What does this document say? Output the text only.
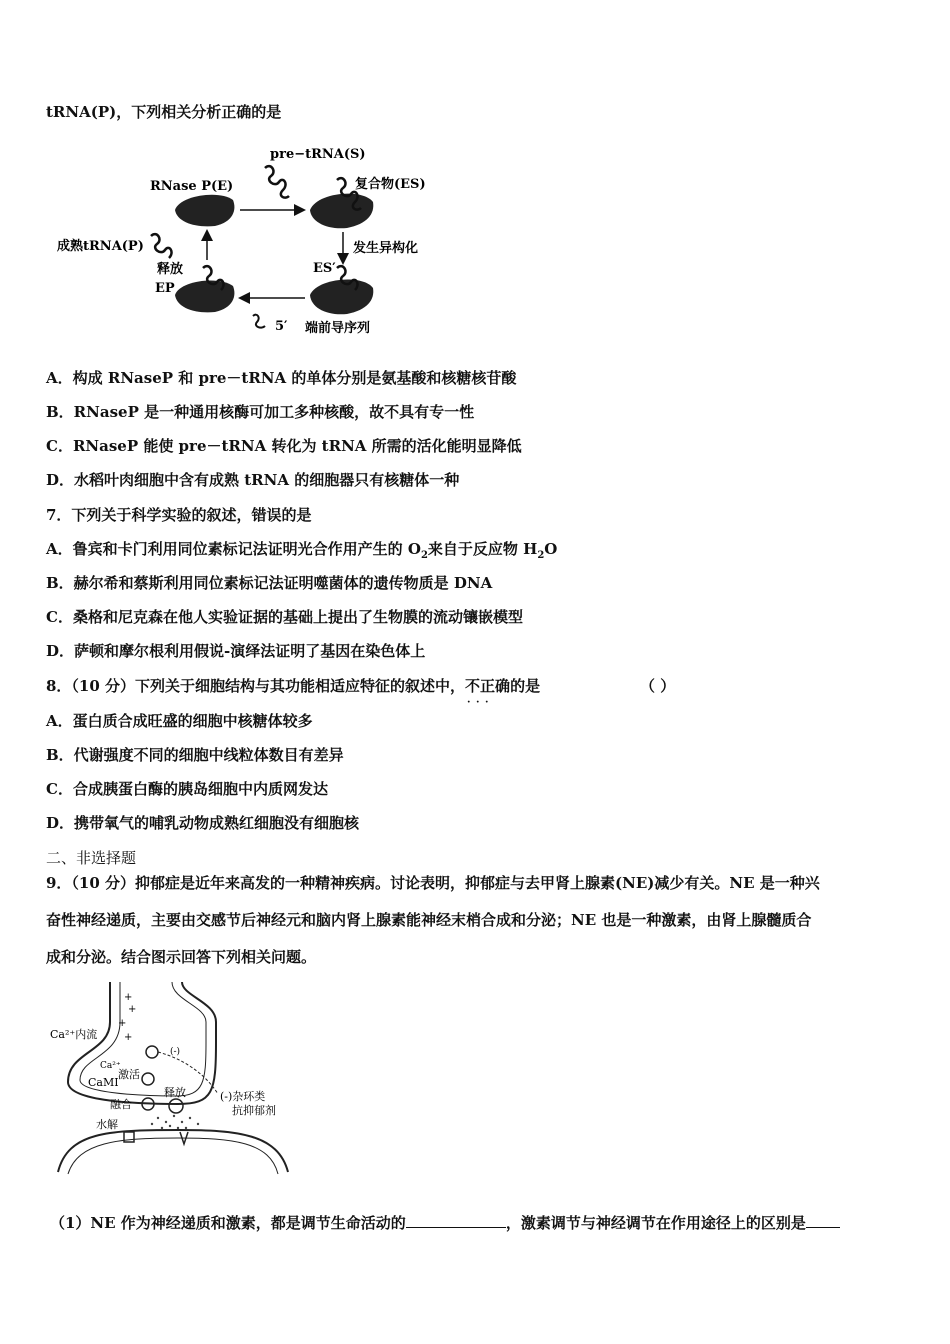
tRNA(P)，下列相关分析正确的是
pre−tRNA(S)
RNase P(E)	复合物(ES)
发生异构化
ES′
5′ 端前导序列
成熟tRNA(P)
释放
EP
A．构成 RNaseP 和 pre－tRNA 的单体分别是氨基酸和核糖核苷酸
B．RNaseP 是一种通用核酶可加工多种核酸，故不具有专一性
C．RNaseP 能使 pre－tRNA 转化为 tRNA 所需的活化能明显降低
D．水稻叶肉细胞中含有成熟 tRNA 的细胞器只有核糖体一种
7．下列关于科学实验的叙述，错误的是
A．鲁宾和卡门利用同位素标记法证明光合作用产生的 $O_2$来自于反应物 $H_2O$
B．赫尔希和蔡斯利用同位素标记法证明噬菌体的遗传物质是 DNA
C．桑格和尼克森在他人实验证据的基础上提出了生物膜的流动镶嵌模型
D．萨顿和摩尔根利用假说-演绎法证明了基因在染色体上
8．（10 分）下列关于细胞结构与其功能相适应特征的叙述中，不正确 · · ·的是	（ ）
A．蛋白质合成旺盛的细胞中核糖体较多
B．代谢强度不同的细胞中线粒体数目有差异
C．合成胰蛋白酶的胰岛细胞中内质网发达
D．携带氧气的哺乳动物成熟红细胞没有细胞核
二、非选择题
9．（10 分）抑郁症是近年来高发的一种精神疾病。讨论表明，抑郁症与去甲肾上腺素(NE)减少有关。NE 是一种兴
奋性神经递质，主要由交感节后神经元和脑内肾上腺素能神经末梢合成和分泌；NE 也是一种激素，由肾上腺髓质合
成和分泌。结合图示回答下列相关问题。
+
+
+
+
Ca²⁺内流
Ca²⁺
激活
CaMI
融合
释放
(-)
水解
(-)杂环类
抗抑郁剂
（1）NE 作为神经递质和激素，都是调节生命活动的	，激素调节与神经调节在作用途径上的区别是
